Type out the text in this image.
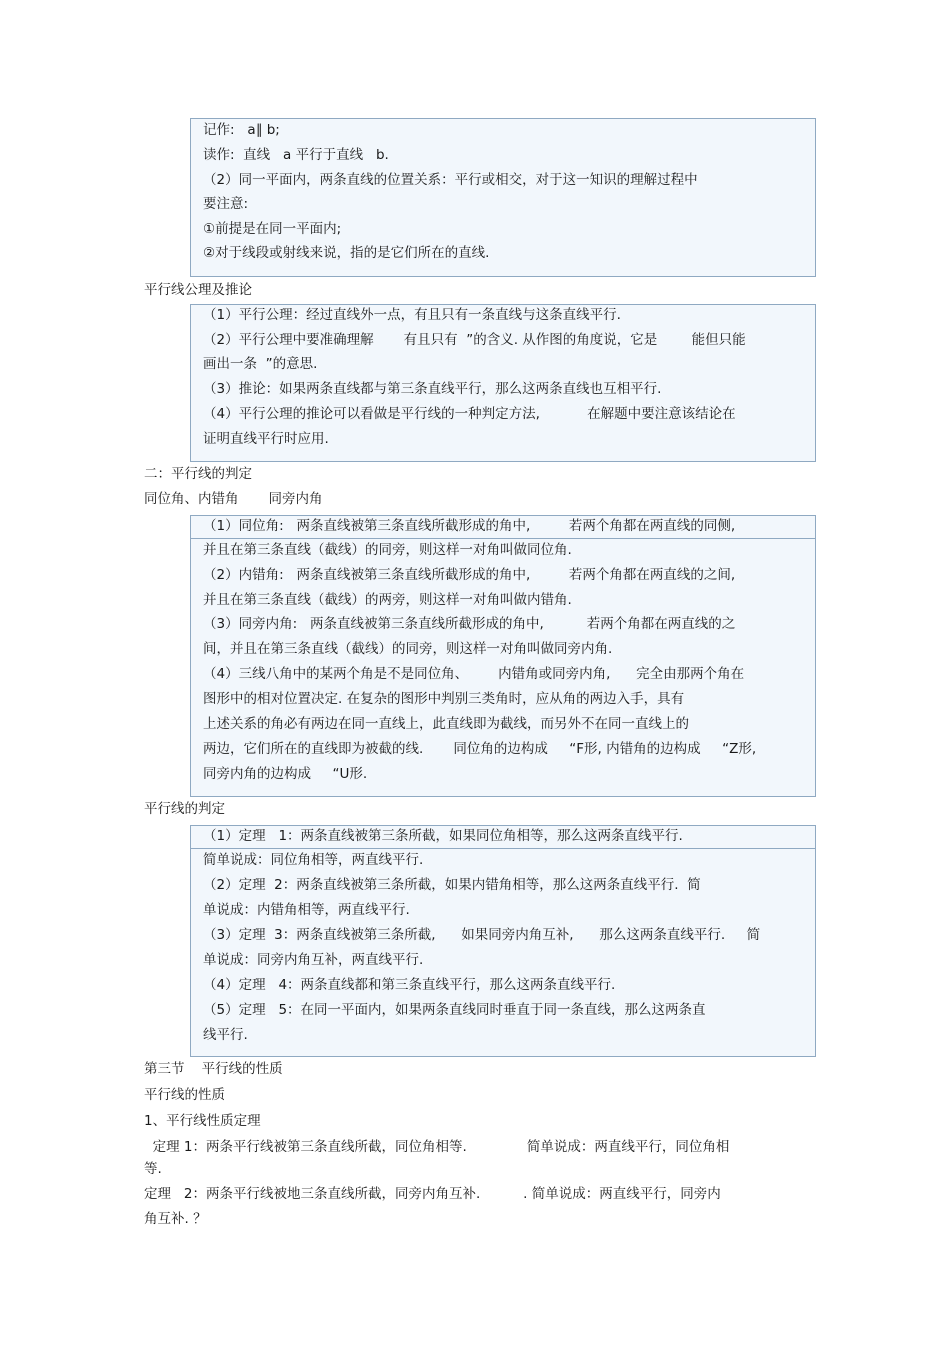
记作:   a∥ b;
读作:  直线   a 平行于直线   b.
（2）同一平面内，两条直线的位置关系：平行或相交，对于这一知识的理解过程中
要注意:
①前提是在同一平面内;
②对于线段或射线来说，指的是它们所在的直线.
平行线公理及推论
（1）平行公理：经过直线外一点，有且只有一条直线与这条直线平行.
（2）平行公理中要准确理解       有且只有  ”的含义. 从作图的角度说，它是        能但只能
画出一条  ”的意思.
（3）推论：如果两条直线都与第三条直线平行，那么这两条直线也互相平行.
（4）平行公理的推论可以看做是平行线的一种判定方法,           在解题中要注意该结论在
证明直线平行时应用.
二：平行线的判定
同位角、内错角       同旁内角
（1）同位角:   两条直线被第三条直线所截形成的角中,         若两个角都在两直线的同侧,
并且在第三条直线（截线）的同旁，则这样一对角叫做同位角.
（2）内错角:   两条直线被第三条直线所截形成的角中,         若两个角都在两直线的之间,
并且在第三条直线（截线）的两旁，则这样一对角叫做内错角.
（3）同旁内角:   两条直线被第三条直线所截形成的角中,          若两个角都在两直线的之
间，并且在第三条直线（截线）的同旁，则这样一对角叫做同旁内角.
（4）三线八角中的某两个角是不是同位角、       内错角或同旁内角,      完全由那两个角在
图形中的相对位置决定. 在复杂的图形中判别三类角时，应从角的两边入手，具有
上述关系的角必有两边在同一直线上，此直线即为截线，而另外不在同一直线上的
两边，它们所在的直线即为被截的线.       同位角的边构成     “F形, 内错角的边构成     “Z形,
同旁内角的边构成     “U形.
平行线的判定
（1）定理   1：两条直线被第三条所截，如果同位角相等，那么这两条直线平行.
简单说成：同位角相等，两直线平行.
（2）定理  2：两条直线被第三条所截，如果内错角相等，那么这两条直线平行.  简
单说成：内错角相等，两直线平行.
（3）定理  3：两条直线被第三条所截,      如果同旁内角互补,      那么这两条直线平行.     简
单说成：同旁内角互补，两直线平行.
（4）定理   4：两条直线都和第三条直线平行，那么这两条直线平行.
（5）定理   5：在同一平面内，如果两条直线同时垂直于同一条直线，那么这两条直
线平行.
第三节    平行线的性质
平行线的性质
1、平行线性质定理
定理 1：两条平行线被第三条直线所截，同位角相等.              简单说成：两直线平行，同位角相
等.
定理   2：两条平行线被地三条直线所截，同旁内角互补.          . 简单说成：两直线平行，同旁内
角互补. ？
